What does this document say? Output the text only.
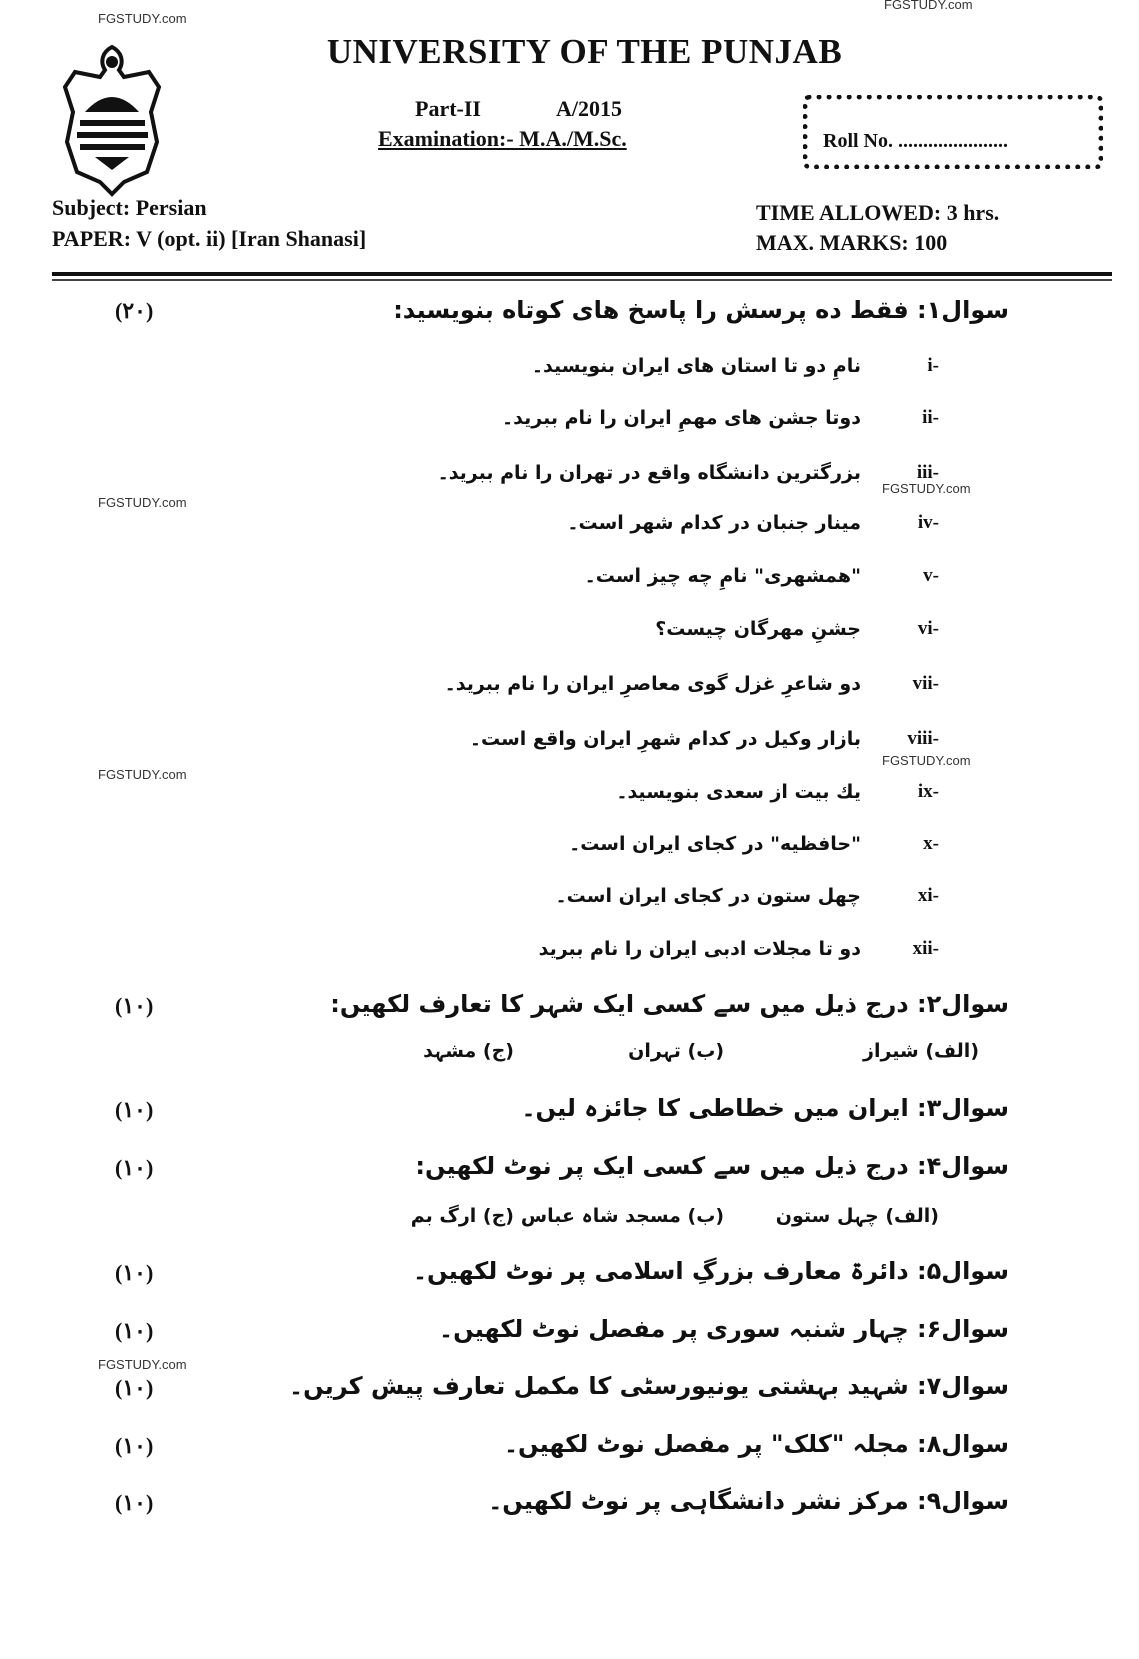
FGSTUDY.com
FGSTUDY.com
FGSTUDY.com
FGSTUDY.com
FGSTUDY.com
FGSTUDY.com
FGSTUDY.com
UNIVERSITY OF THE PUNJAB
Part-II	A/2015
Examination:- M.A./M.Sc.	Roll No. ......................
Subject: Persian
PAPER: V (opt. ii) [Iran Shanasi]
TIME ALLOWED: 3 hrs.
MAX. MARKS: 100
سوال۱: فقط ده پرسش را پاسخ های کوتاه بنویسید:
(۲۰)
i-
نامِ دو تا استان های ایران بنویسید۔
ii-
دوتا جشن های مهمِ ایران را نام ببرید۔
iii-
بزرگترین دانشگاه واقع در تهران را نام ببرید۔
iv-
مینار جنبان در کدام شهر است۔
v-
"همشهری" نامِ چه چیز است۔
vi-
جشنِ مهرگان چیست؟
vii-
دو شاعرِ غزل گوی معاصرِ ایران را نام ببرید۔
viii-
بازار وکیل در کدام شهرِ ایران واقع است۔
ix-
یك بیت از سعدی بنویسید۔
x-
"حافظیه" در کجای ایران است۔
xi-
چهل ستون در کجای ایران است۔
xii-
دو تا مجلات ادبی ایران را نام ببرید
سوال۲: درج ذیل میں سے کسی ایک شہر کا تعارف لکھیں:
(۱۰)
سوال۳: ایران میں خطاطی کا جائزہ لیں۔
(۱۰)
سوال۴: درج ذیل میں سے کسی ایک پر نوٹ لکھیں:
(۱۰)
سوال۵: دائرۃ معارف بزرگِ اسلامی پر نوٹ لکھیں۔
(۱۰)
سوال۶: چہار شنبہ سوری پر مفصل نوٹ لکھیں۔
(۱۰)
سوال۷: شہید بہشتی یونیورسٹی کا مکمل تعارف پیش کریں۔
(۱۰)
سوال۸: مجلہ "کلک" پر مفصل نوٹ لکھیں۔
(۱۰)
سوال۹: مرکز نشر دانشگاہی پر نوٹ لکھیں۔
(۱۰)
(الف) شیراز
(ب) تہران
(ج) مشہد
(الف) چہل ستون
(ب) مسجد شاہ عباس
(ج) ارگ بم
